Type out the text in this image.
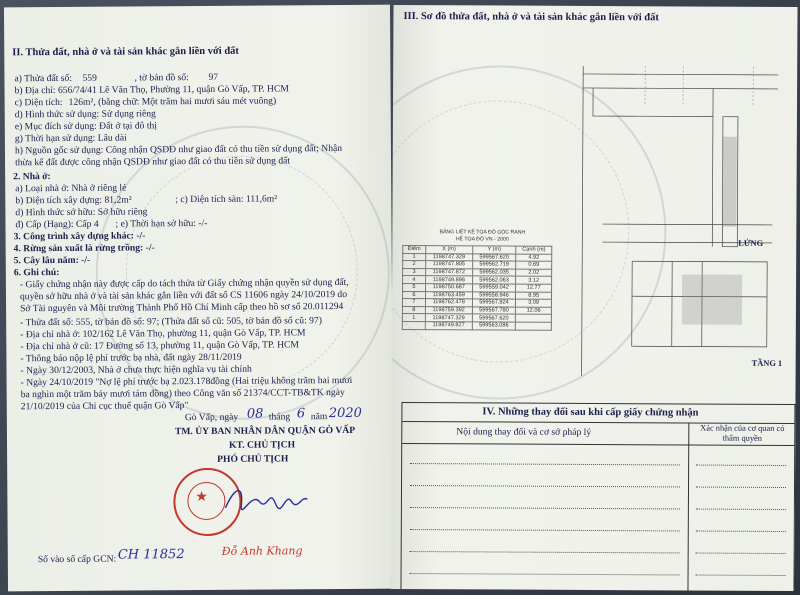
II. Thửa đất, nhà ở và tài sản khác gắn liền với đất
a) Thửa đất số: 559	, tờ bản đồ số: 97
b) Địa chỉ: 656/74/41 Lê Văn Thọ, Phường 11, quận Gò Vấp, TP. HCM
c) Diện tích: 126m², (bằng chữ: Một trăm hai mươi sáu mét vuông)
d) Hình thức sử dụng: Sử dụng riêng
e) Mục đích sử dụng: Đất ở tại đô thị
g) Thời hạn sử dụng: Lâu dài
h) Nguồn gốc sử dụng: Công nhận QSDĐ như giao đất có thu tiền sử dụng đất; Nhận
thừa kế đất được công nhận QSDĐ như giao đất có thu tiền sử dụng đất
2. Nhà ở:
a) Loại nhà ở: Nhà ở riêng lẻ
b) Diện tích xây dựng: 81,2m²	; c) Diện tích sàn: 111,6m²
d) Hình thức sở hữu: Sở hữu riêng
đ) Cấp (Hạng): Cấp 4 ; e) Thời hạn sở hữu: -/-
3. Công trình xây dựng khác: -/-
4. Rừng sản xuất là rừng trồng: -/-
5. Cây lâu năm: -/-
6. Ghi chú:
- Giấy chứng nhận này được cấp do tách thửa từ Giấy chứng nhận quyền sử dụng đất,
quyền sở hữu nhà ở và tài sản khác gắn liền với đất số CS 11606 ngày 24/10/2019 do
Sở Tài nguyên và Môi trường Thành Phố Hồ Chí Minh cấp theo hồ sơ số 20.011294
- Thửa đất số: 555, tờ bản đồ số: 97; (Thửa đất số cũ: 505, tờ bản đồ số cũ: 97)
- Địa chỉ nhà ở: 102/162 Lê Văn Thọ, phường 11, quận Gò Vấp, TP. HCM
- Địa chỉ nhà ở cũ: 17 Đường số 13, phường 11, quận Gò Vấp, TP. HCM
- Thông báo nộp lệ phí trước bạ nhà, đất ngày 28/11/2019
- Ngày 30/12/2003, Nhà ở chưa thực hiện nghĩa vụ tài chính
- Ngày 24/10/2019 "Nợ lệ phí trước bạ 2.023.178đồng (Hai triệu không trăm hai mươi
ba nghìn một trăm bảy mươi tám đồng) theo Công văn số 21374/CCT-TB&TK ngày
21/10/2019 của Chi cục thuế quận Gò Vấp"
Gò Vấp, ngày 08 tháng 6 năm 2020
TM. ỦY BAN NHÂN DÂN QUẬN GÒ VẤP
KT. CHỦ TỊCH
PHÓ CHỦ TỊCH
★
Đỗ Anh Khang
Số vào sổ cấp GCN: CH 11852
III. Sơ đồ thửa đất, nhà ở và tài sản khác gắn liền với đất
LỬNG
TẦNG 1
BẢNG LIỆT KÊ TỌA ĐỘ GÓC RANH
HỆ TỌA ĐỘ VN - 2000
Điểm	X (m)	Y (m)	Cạnh (m)
1	1198747.329	599567.620	4.92
2	1198747.805	599562.719	0.69
3	1198747.872	599562.035	2.02
4	1198749.896	599562.063	3.12
5	1198750.687	599559.042	12.77
6	1198763.459	599558.946	8.95
7	1198762.478	599567.824	3.09
8	1198759.392	599567.780	12.06
1	1198747.329	599567.620	
	1198749.827	599563.086	
IV. Những thay đổi sau khi cấp giấy chứng nhận
Nội dung thay đổi và cơ sở pháp lý	Xác nhận của cơ quan có thẩm quyền
